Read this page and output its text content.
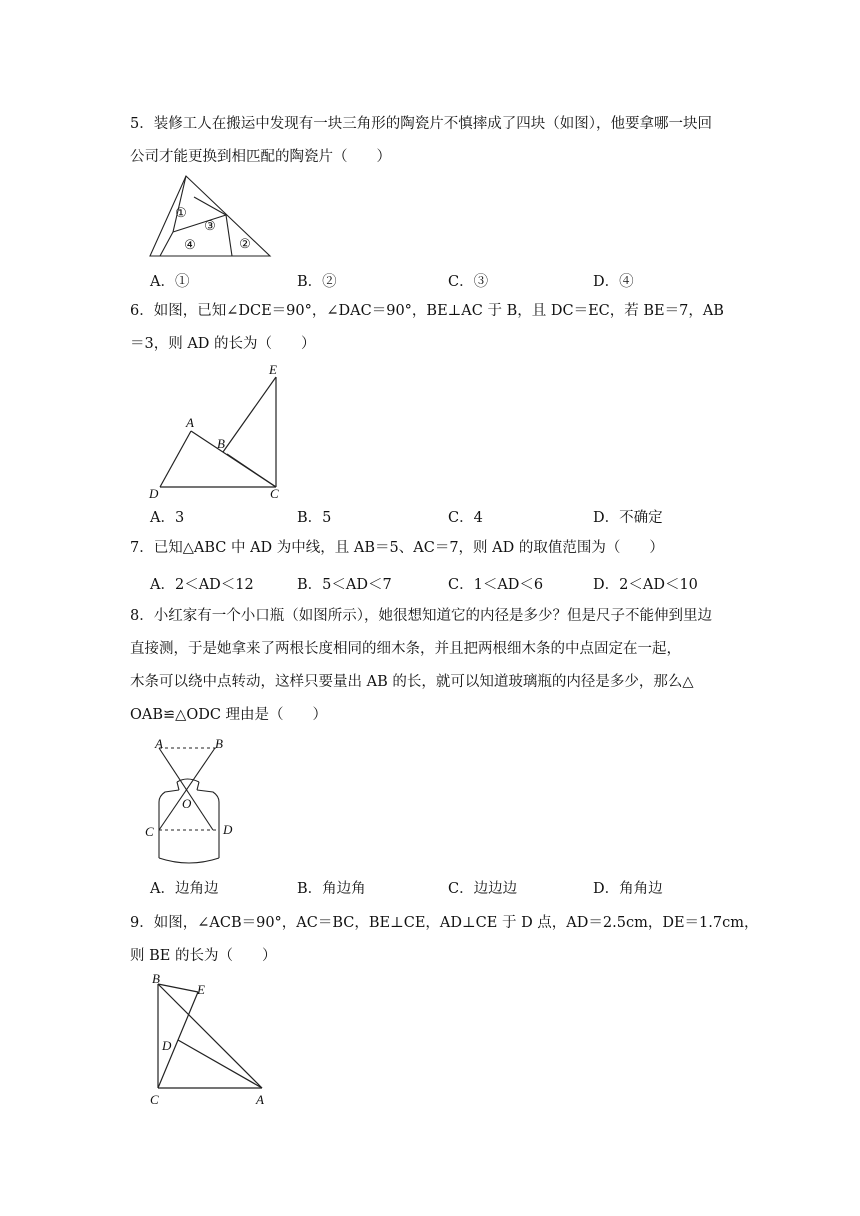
5．装修工人在搬运中发现有一块三角形的陶瓷片不慎摔成了四块（如图），他要拿哪一块回
公司才能更换到相匹配的陶瓷片（　　）
①
③
④	②
A．①	B．②	C．③	D．④
6．如图，已知∠DCE＝90°，∠DAC＝90°，BE⊥AC 于 B，且 DC＝EC，若 BE＝7，AB
＝3，则 AD 的长为（　　）
E
A
B
D	C
A．3	B．5	C．4	D．不确定
7．已知△ABC 中 AD 为中线，且 AB＝5、AC＝7，则 AD 的取值范围为（　　）
A．2＜AD＜12	B．5＜AD＜7	C．1＜AD＜6	D．2＜AD＜10
8．小红家有一个小口瓶（如图所示），她很想知道它的内径是多少？但是尺子不能伸到里边
直接测，于是她拿来了两根长度相同的细木条，并且把两根细木条的中点固定在一起，
木条可以绕中点转动，这样只要量出 AB 的长，就可以知道玻璃瓶的内径是多少，那么△
OAB≌△ODC 理由是（　　）
A	B
O
C	D
A．边角边	B．角边角	C．边边边	D．角角边
9．如图，∠ACB＝90°，AC＝BC，BE⊥CE，AD⊥CE 于 D 点，AD＝2.5cm，DE＝1.7cm，
则 BE 的长为（　　）
B
E
D
C	A
